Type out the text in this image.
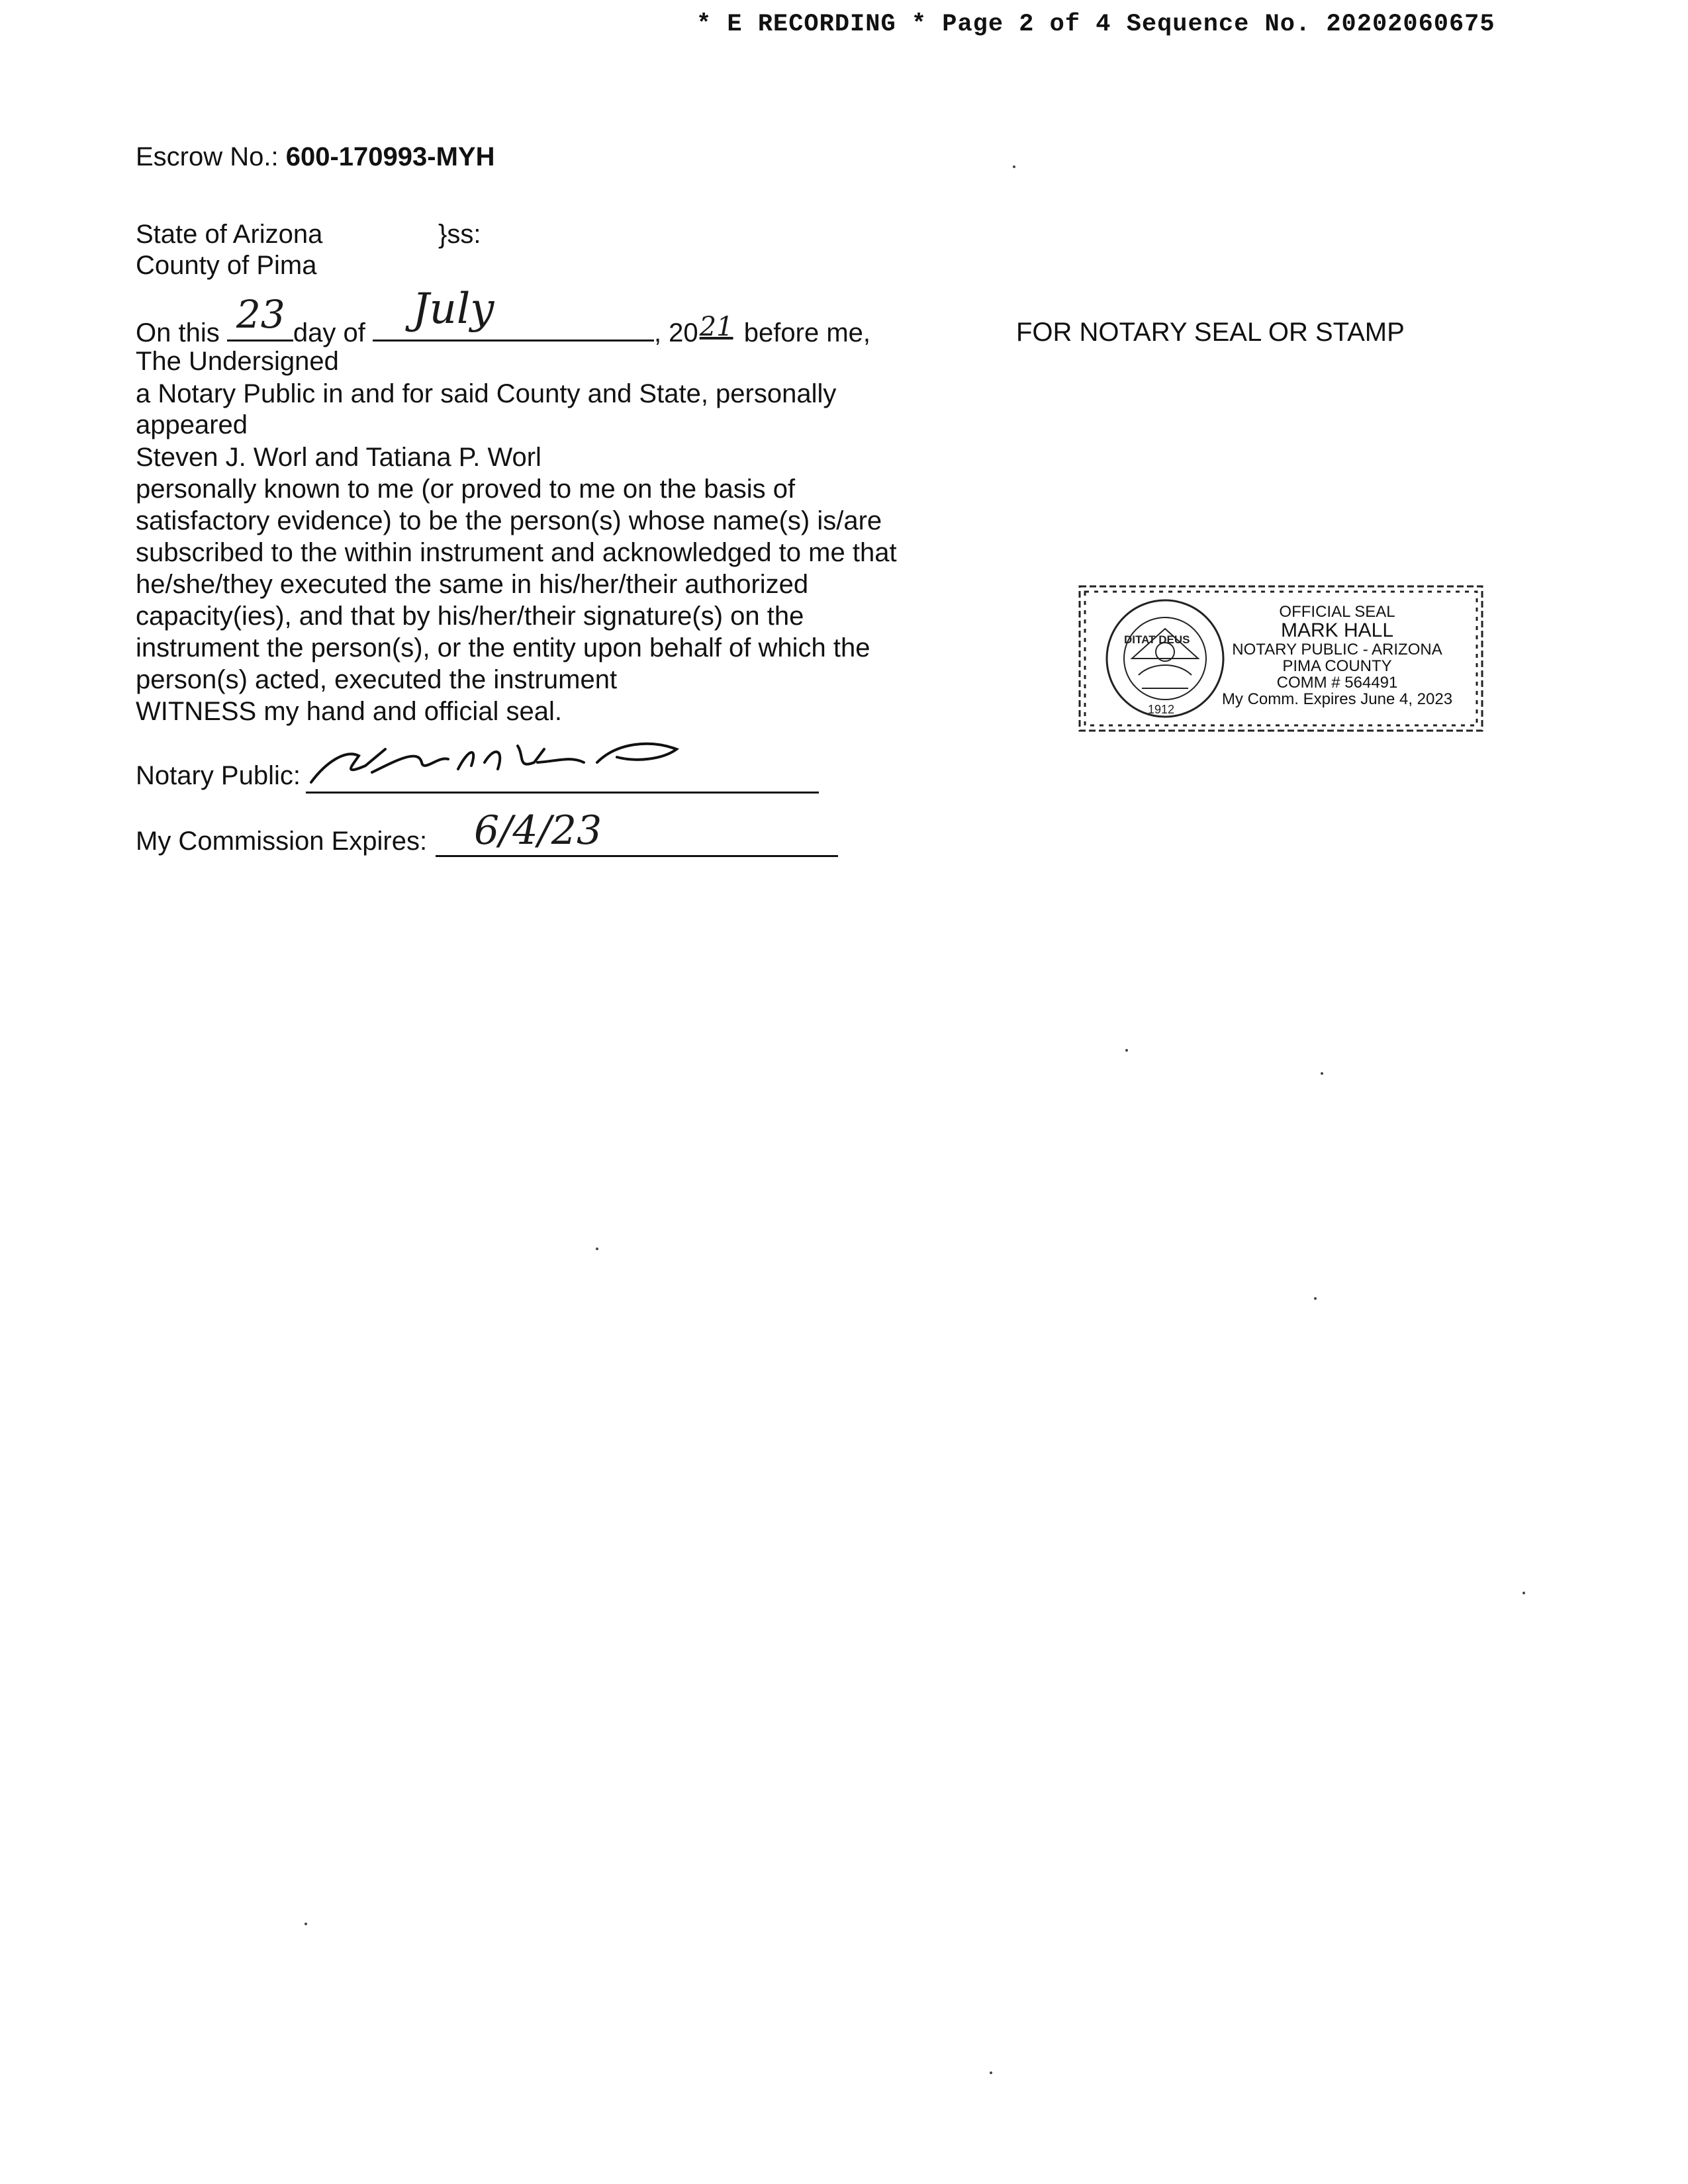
* E RECORDING * Page 2 of 4 Sequence No. 20202060675
Escrow No.: 600-170993-MYH
State of Arizona	}ss:
County of Pima
On this 23 day of July	, 20 21 before me,
The Undersigned
a Notary Public in and for said County and State, personally
appeared
Steven J. Worl and Tatiana P. Worl
personally known to me (or proved to me on the basis of
satisfactory evidence) to be the person(s) whose name(s) is/are
subscribed to the within instrument and acknowledged to me that
he/she/they executed the same in his/her/their authorized
capacity(ies), and that by his/her/their signature(s) on the
instrument the person(s), or the entity upon behalf of which the
person(s) acted, executed the instrument
WITNESS my hand and official seal.
Notary Public:
My Commission Expires: 6/4/23
FOR NOTARY SEAL OR STAMP
DITAT DEUS
1912
OFFICIAL SEAL
MARK HALL
NOTARY PUBLIC - ARIZONA
PIMA COUNTY
COMM # 564491
My Comm. Expires June 4, 2023
